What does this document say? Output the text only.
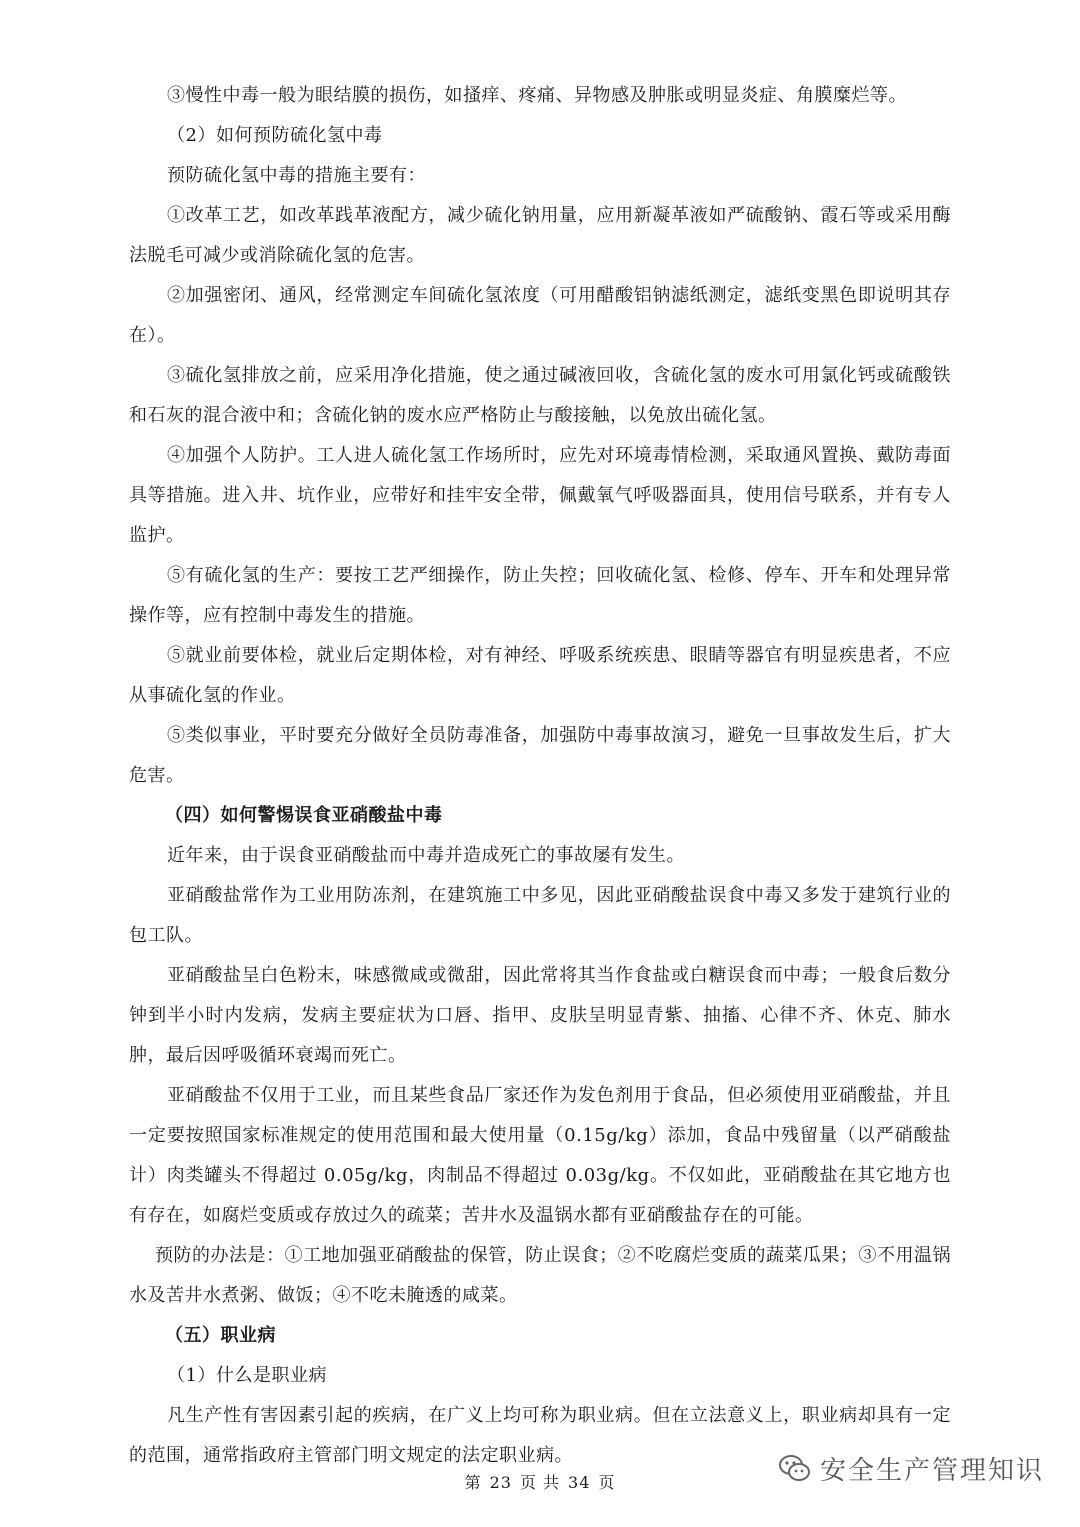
③慢性中毒一般为眼结膜的损伤，如搔痒、疼痛、异物感及肿胀或明显炎症、角膜糜烂等。

（2）如何预防硫化氢中毒

预防硫化氢中毒的措施主要有：

①改革工艺，如改革践革液配方，减少硫化钠用量，应用新凝革液如严硫酸钠、霞石等或采用酶法脱毛可减少或消除硫化氢的危害。

②加强密闭、通风，经常测定车间硫化氢浓度（可用醋酸铝钠滤纸测定，滤纸变黑色即说明其存在）。

③硫化氢排放之前，应采用净化措施，使之通过碱液回收，含硫化氢的废水可用氯化钙或硫酸铁和石灰的混合液中和；含硫化钠的废水应严格防止与酸接触，以免放出硫化氢。

④加强个人防护。工人进人硫化氢工作场所时，应先对环境毒情检测，采取通风置换、戴防毒面具等措施。进入井、坑作业，应带好和挂牢安全带，佩戴氧气呼吸器面具，使用信号联系，并有专人监护。

⑤有硫化氢的生产：要按工艺严细操作，防止失控；回收硫化氢、检修、停车、开车和处理异常操作等，应有控制中毒发生的措施。

⑤就业前要体检，就业后定期体检，对有神经、呼吸系统疾患、眼睛等器官有明显疾患者，不应从事硫化氢的作业。

⑤类似事业，平时要充分做好全员防毒准备，加强防中毒事故演习，避免一旦事故发生后，扩大危害。

（四）如何警惕误食亚硝酸盐中毒

近年来，由于误食亚硝酸盐而中毒并造成死亡的事故屡有发生。

亚硝酸盐常作为工业用防冻剂，在建筑施工中多见，因此亚硝酸盐误食中毒又多发于建筑行业的包工队。

亚硝酸盐呈白色粉末，味感微咸或微甜，因此常将其当作食盐或白糖误食而中毒；一般食后数分钟到半小时内发病，发病主要症状为口唇、指甲、皮肤呈明显青紫、抽搐、心律不齐、休克、肺水肿，最后因呼吸循环衰竭而死亡。

亚硝酸盐不仅用于工业，而且某些食品厂家还作为发色剂用于食品，但必须使用亚硝酸盐，并且一定要按照国家标准规定的使用范围和最大使用量（0.15g/kg）添加，食品中残留量（以严硝酸盐计）肉类罐头不得超过 0.05g/kg，肉制品不得超过 0.03g/kg。不仅如此，亚硝酸盐在其它地方也有存在，如腐烂变质或存放过久的疏菜；苦井水及温锅水都有亚硝酸盐存在的可能。

预防的办法是：①工地加强亚硝酸盐的保管，防止误食；②不吃腐烂变质的蔬菜瓜果；③不用温锅水及苦井水煮粥、做饭；④不吃未腌透的咸菜。

（五）职业病

（1）什么是职业病

凡生产性有害因素引起的疾病，在广义上均可称为职业病。但在立法意义上，职业病却具有一定的范围，通常指政府主管部门明文规定的法定职业病。

第 23 页 共 34 页	安全生产管理知识
